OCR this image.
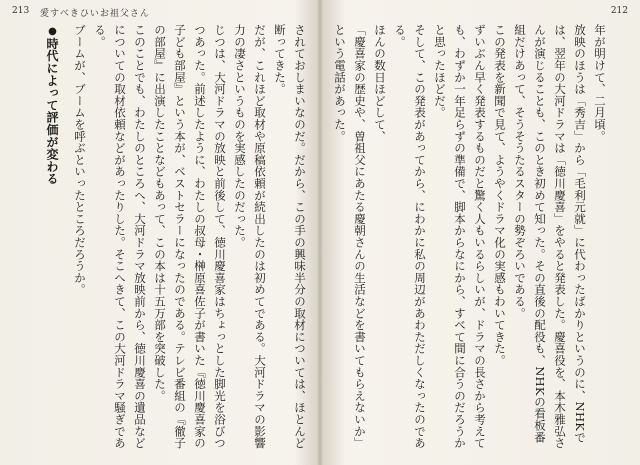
213 愛すべきひいお祖父さん

されておしまいなのだ。だから、この手の興味半分の取材については、ほとんど断ってきた。

だが、これほど取材や原稿依頼が続出したのは初めてである。大河ドラマの影響力の凄さというものを実感したのだった。

じつは、大河ドラマの放映と前後して、徳川慶喜家はちょっとした脚光を浴びつつあった。前述したように、わたしの叔母・榊原喜佐子が書いた『徳川慶喜家の子ども部屋』という本が、ベストセラーになったのである。テレビ番組の『徹子の部屋』に出演したことなどもあって、この本は十五万部を突破した。

このことでも、わたしのところへ、大河ドラマ放映前から、徳川慶喜の遺品などについての取材依頼などがあったりした。そこへきて、この大河ドラマ騒ぎである。

ブームが、ブームを呼ぶといったところだろうか。

●時代によって評価が変わる

212

年が明けて、二月頃。

放映のほうは「秀吉」から「毛利元就」に代わったばかりというのに、NHKでは、翌年の大河ドラマは「徳川慶喜」をやると発表した。慶喜役を、本木雅弘さんが演じることも、このとき初めて知った。その直後の配役も、NHKの看板番組だけあって、そうそうたるスターの勢ぞろいである。

この発表を新聞で見て、ようやくドラマ化の実感もわいてきた。

ずいぶん早く発表するものだと驚く人もいるらしいが、ドラマの長さから考えても、わずか一年足らずの準備で、脚本からなにから、すべて間に合うのだろうかと思ったほどだ。

そして、この発表があってから、にわかに私の周辺があわただしくなったのである。

ほんの数日ほどして、

「慶喜家の歴史や、曽祖父にあたる慶朝さんの生活などを書いてもらえないか」

という電話があった。
